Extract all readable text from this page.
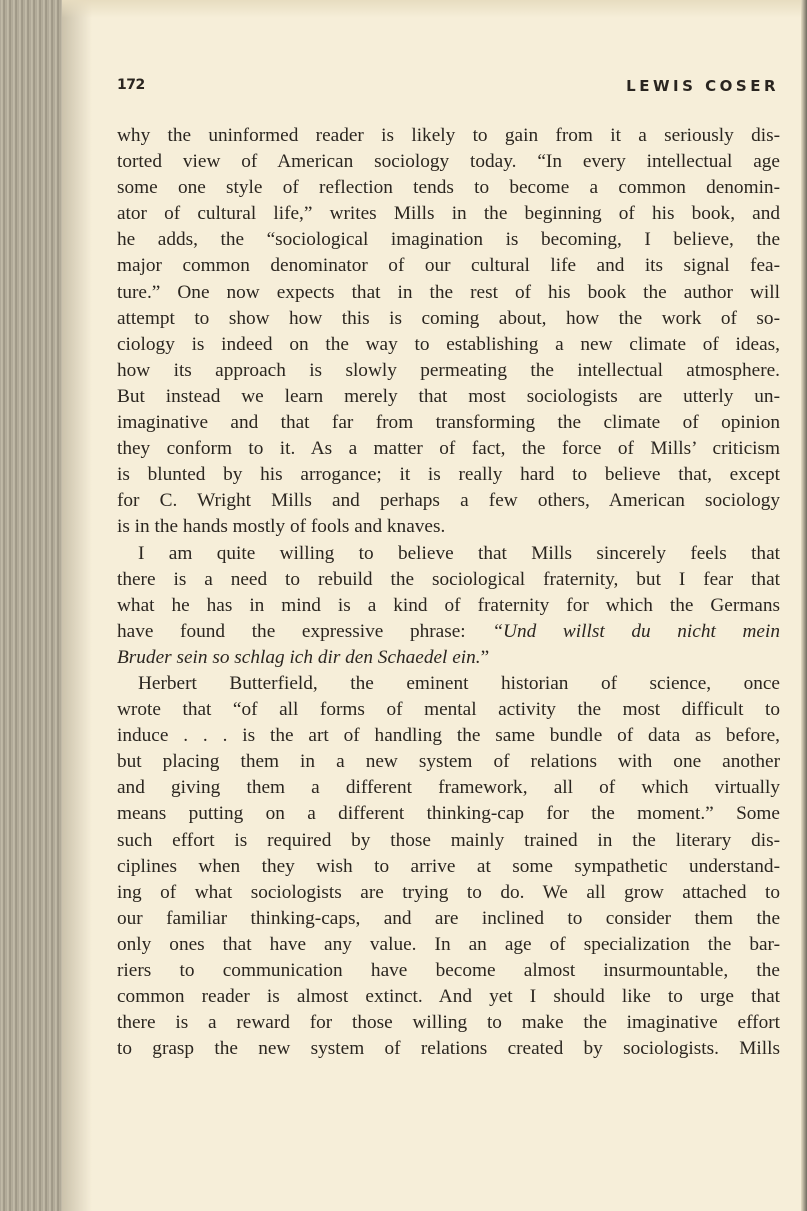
172	LEWIS COSER
why the uninformed reader is likely to gain from it a seriously dis-
torted view of American sociology today. “In every intellectual age
some one style of reflection tends to become a common denomin-
ator of cultural life,” writes Mills in the beginning of his book, and
he adds, the “sociological imagination is becoming, I believe, the
major common denominator of our cultural life and its signal fea-
ture.” One now expects that in the rest of his book the author will
attempt to show how this is coming about, how the work of so-
ciology is indeed on the way to establishing a new climate of ideas,
how its approach is slowly permeating the intellectual atmosphere.
But instead we learn merely that most sociologists are utterly un-
imaginative and that far from transforming the climate of opinion
they conform to it. As a matter of fact, the force of Mills’ criticism
is blunted by his arrogance; it is really hard to believe that, except
for C. Wright Mills and perhaps a few others, American sociology
is in the hands mostly of fools and knaves.
I am quite willing to believe that Mills sincerely feels that
there is a need to rebuild the sociological fraternity, but I fear that
what he has in mind is a kind of fraternity for which the Germans
have found the expressive phrase: “Und willst du nicht mein
Bruder sein so schlag ich dir den Schaedel ein.”
Herbert Butterfield, the eminent historian of science, once
wrote that “of all forms of mental activity the most difficult to
induce . . . is the art of handling the same bundle of data as before,
but placing them in a new system of relations with one another
and giving them a different framework, all of which virtually
means putting on a different thinking-cap for the moment.” Some
such effort is required by those mainly trained in the literary dis-
ciplines when they wish to arrive at some sympathetic understand-
ing of what sociologists are trying to do. We all grow attached to
our familiar thinking-caps, and are inclined to consider them the
only ones that have any value. In an age of specialization the bar-
riers to communication have become almost insurmountable, the
common reader is almost extinct. And yet I should like to urge that
there is a reward for those willing to make the imaginative effort
to grasp the new system of relations created by sociologists. Mills
